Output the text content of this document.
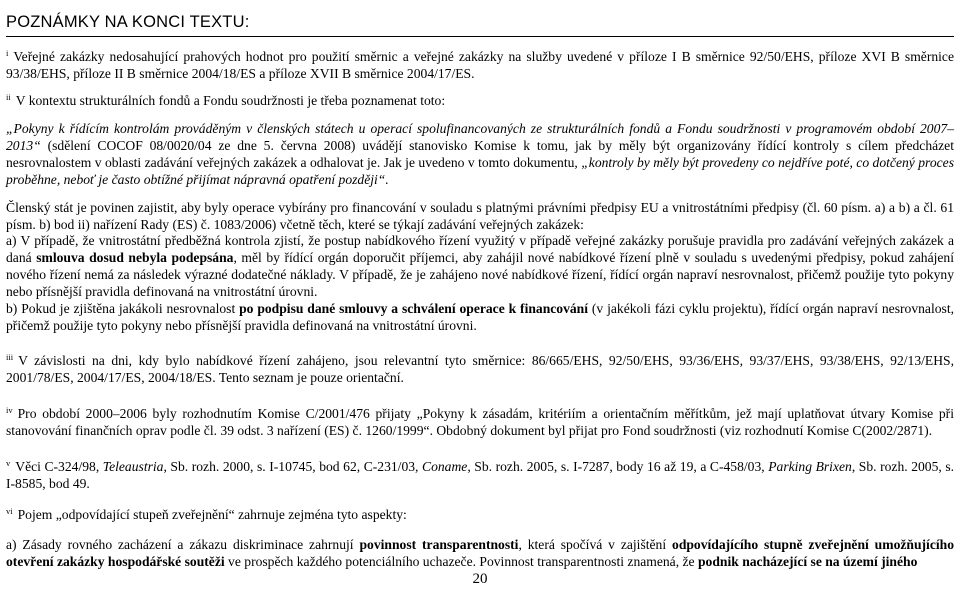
POZNÁMKY NA KONCI TEXTU:

$^i$ Veřejné zakázky nedosahující prahových hodnot pro použití směrnic a veřejné zakázky na služby uvedené v příloze I B směrnice 92/50/EHS, příloze XVI B směrnice 93/38/EHS, příloze II B směrnice 2004/18/ES a příloze XVII B směrnice 2004/17/ES.

$^{ii}$ V kontextu strukturálních fondů a Fondu soudržnosti je třeba poznamenat toto:

„Pokyny k řídícím kontrolám prováděným v členských státech u operací spolufinancovaných ze strukturálních fondů a Fondu soudržnosti v programovém období 2007–2013“ (sdělení COCOF 08/0020/04 ze dne 5. června 2008) uvádějí stanovisko Komise k tomu, jak by měly být organizovány řídící kontroly s cílem předcházet nesrovnalostem v oblasti zadávání veřejných zakázek a odhalovat je. Jak je uvedeno v tomto dokumentu, „kontroly by měly být provedeny co nejdříve poté, co dotčený proces proběhne, neboť je často obtížné přijímat nápravná opatření později“.

Členský stát je povinen zajistit, aby byly operace vybírány pro financování v souladu s platnými právními předpisy EU a vnitrostátními předpisy (čl. 60 písm. a) a b) a čl. 61 písm. b) bod ii) nařízení Rady (ES) č. 1083/2006) včetně těch, které se týkají zadávání veřejných zakázek:

a) V případě, že vnitrostátní předběžná kontrola zjistí, že postup nabídkového řízení využitý v případě veřejné zakázky porušuje pravidla pro zadávání veřejných zakázek a daná smlouva dosud nebyla podepsána, měl by řídící orgán doporučit příjemci, aby zahájil nové nabídkové řízení plně v souladu s uvedenými předpisy, pokud zahájení nového řízení nemá za následek výrazné dodatečné náklady. V případě, že je zahájeno nové nabídkové řízení, řídící orgán napraví nesrovnalost, přičemž použije tyto pokyny nebo přísnější pravidla definovaná na vnitrostátní úrovni.

b) Pokud je zjištěna jakákoli nesrovnalost po podpisu dané smlouvy a schválení operace k financování (v jakékoli fázi cyklu projektu), řídící orgán napraví nesrovnalost, přičemž použije tyto pokyny nebo přísnější pravidla definovaná na vnitrostátní úrovni.

$^{iii}$ V závislosti na dni, kdy bylo nabídkové řízení zahájeno, jsou relevantní tyto směrnice: 86/665/EHS, 92/50/EHS, 93/36/EHS, 93/37/EHS, 93/38/EHS, 92/13/EHS, 2001/78/ES, 2004/17/ES, 2004/18/ES. Tento seznam je pouze orientační.

$^{iv}$ Pro období 2000–2006 byly rozhodnutím Komise C/2001/476 přijaty „Pokyny k zásadám, kritériím a orientačním měřítkům, jež mají uplatňovat útvary Komise při stanovování finančních oprav podle čl. 39 odst. 3 nařízení (ES) č. 1260/1999“. Obdobný dokument byl přijat pro Fond soudržnosti (viz rozhodnutí Komise C(2002/2871).

$^v$ Věci C-324/98, Teleaustria, Sb. rozh. 2000, s. I-10745, bod 62, C-231/03, Coname, Sb. rozh. 2005, s. I-7287, body 16 až 19, a C-458/03, Parking Brixen, Sb. rozh. 2005, s. I-8585, bod 49.

$^{vi}$ Pojem „odpovídající stupeň zveřejnění“ zahrnuje zejména tyto aspekty:

a) Zásady rovného zacházení a zákazu diskriminace zahrnují povinnost transparentnosti, která spočívá v zajištění odpovídajícího stupně zveřejnění umožňujícího otevření zakázky hospodářské soutěži ve prospěch každého potenciálního uchazeče. Povinnost transparentnosti znamená, že podnik nacházející se na území jiného

20
